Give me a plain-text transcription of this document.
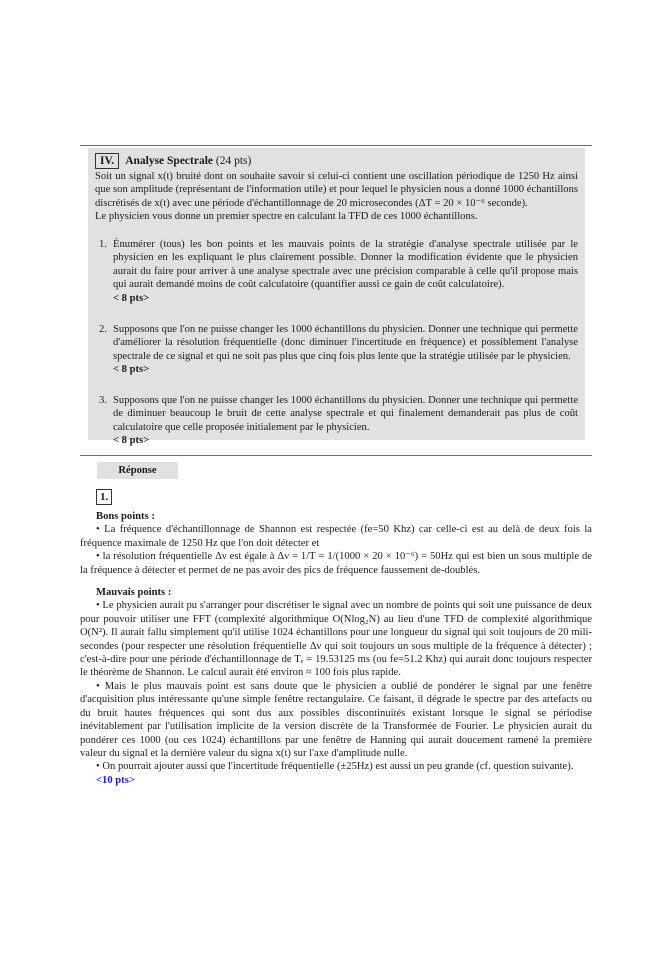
IV. Analyse Spectrale (24 pts)

Soit un signal x(t) bruité dont on souhaite savoir si celui-ci contient une oscillation périodique de 1250 Hz ainsi que son amplitude (représentant de l'information utile) et pour lequel le physicien nous a donné 1000 échantillons discrétisés de x(t) avec une période d'échantillonnage de 20 microsecondes (ΔT = 20 × 10⁻⁶ seconde).

Le physicien vous donne un premier spectre en calculant la TFD de ces 1000 échantillons.

1. Énumérer (tous) les bon points et les mauvais points de la stratégie d'analyse spectrale utilisée par le physicien en les expliquant le plus clairement possible. Donner la modification évidente que le physicien aurait du faire pour arriver à une analyse spectrale avec une précision comparable à celle qu'il propose mais qui aurait demandé moins de coût calculatoire (quantifier aussi ce gain de coût calculatoire).
< 8 pts>
2. Supposons que l'on ne puisse changer les 1000 échantillons du physicien. Donner une technique qui permette d'améliorer la résolution fréquentielle (donc diminuer l'incertitude en fréquence) et possiblement l'analyse spectrale de ce signal et qui ne soit pas plus que cinq fois plus lente que la stratégie utilisée par le physicien.
< 8 pts>
3. Supposons que l'on ne puisse changer les 1000 échantillons du physicien. Donner une technique qui permette de diminuer beaucoup le bruit de cette analyse spectrale et qui finalement demanderait pas plus de coût calculatoire que celle proposée initialement par le physicien.
< 8 pts>
Réponse
1.
Bons points :

• La fréquence d'échantillonnage de Shannon est respectée (fe=50 Khz) car celle-ci est au delà de deux fois la fréquence maximale de 1250 Hz que l'on doit détecter et

• la résolution fréquentielle Δν est égale à Δν = 1/T = 1/(1000 × 20 × 10⁻⁶) = 50Hz qui est bien un sous multiple de la fréquence à détecter et permet de ne pas avoir des pics de fréquence faussement de-doublés.

Mauvais points :

• Le physicien aurait pu s'arranger pour discrétiser le signal avec un nombre de points qui soit une puissance de deux pour pouvoir utiliser une FFT (complexité algorithmique O(Nlog₂N) au lieu d'une TFD de complexité algorithmique O(N²). Il aurait fallu simplement qu'il utilise 1024 échantillons pour une longueur du signal qui soit toujours de 20 mili-secondes (pour respecter une résolution fréquentielle Δν qui soit toujours un sous multiple de la fréquence à détecter) ; c'est-à-dire pour une période d'échantillonnage de Tₑ = 19.53125 ms (ou fe=51.2 Khz) qui aurait donc toujours respecter le théorème de Shannon. Le calcul aurait été environ ≈ 100 fois plus rapide.

• Mais le plus mauvais point est sans doute que le physicien a oublié de pondérer le signal par une fenêtre d'acquisition plus intéressante qu'une simple fenêtre rectangulaire. Ce faisant, il dégrade le spectre par des artefacts ou du bruit hautes fréquences qui sont dus aux possibles discontinuités existant lorsque le signal se périodise inévitablement par l'utilisation implicite de la version discrète de la Transformée de Fourier. Le physicien aurait du pondérer ces 1000 (ou ces 1024) échantillons par une fenêtre de Hanning qui aurait doucement ramené la première valeur du signal et la dernière valeur du signa x(t) sur l'axe d'amplitude nulle.

• On pourrait ajouter aussi que l'incertitude fréquentielle (±25Hz) est aussi un peu grande (cf. question suivante).

<10 pts>
